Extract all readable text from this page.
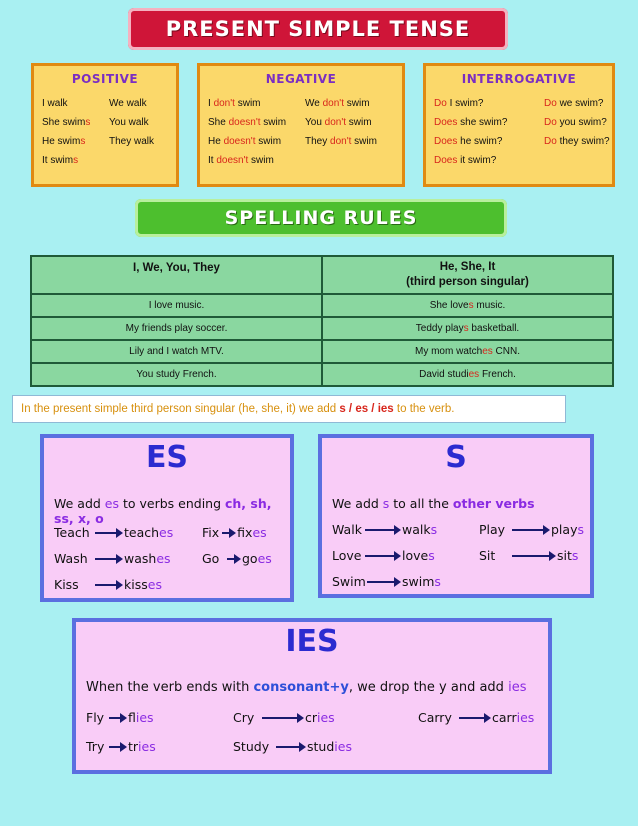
PRESENT SIMPLE TENSE
POSITIVE
I walk	We walk
She swims	You walk
He swims	They walk
It swims
NEGATIVE
I don't swim	We don't swim
She doesn't swim	You don't swim
He doesn't swim	They don't swim
It doesn't swim
INTERROGATIVE
Do I swim?	Do we swim?
Does she swim?	Do you swim?
Does he swim?	Do they swim?
Does it swim?
SPELLING RULES
I, We, You, They	He, She, It
(third person singular)
I love music.	She loves music.
My friends play soccer.	Teddy plays basketball.
Lily and I watch MTV.	My mom watches CNN.
You study French.	David studies French.
In the present simple third person singular (he, she, it) we add
s / es / ies
to the verb.
ES
We add es to verbs ending ch, sh, ss, x, o
Teach	teach es Fix fix es
Wash	wash es	Go	go es
Kiss	kiss es
S
We add s to all the other verbs
Walk	walk s	Play	play s
Love	love s	Sit	sit s
Swim	swim s
IES
When the verb ends with consonant+y, we drop the y and add ies
Fly fl ies	Cry	cr ies	Carry	carr ies
Try tr ies	Study	stud ies
